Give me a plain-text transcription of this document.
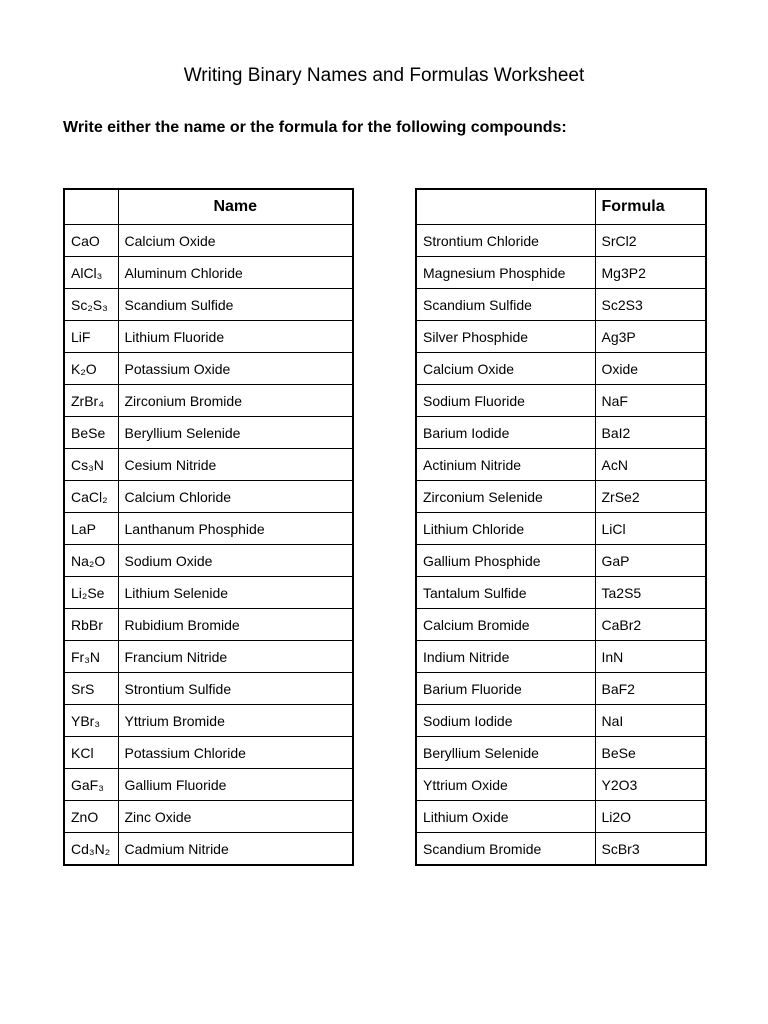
Writing Binary Names and Formulas Worksheet
Write either the name or the formula for the following compounds:
	Name
CaO	Calcium Oxide
AlCl₃	Aluminum Chloride
Sc₂S₃	Scandium Sulfide
LiF	Lithium Fluoride
K₂O	Potassium Oxide
ZrBr₄	Zirconium Bromide
BeSe	Beryllium Selenide
Cs₃N	Cesium Nitride
CaCl₂	Calcium Chloride
LaP	Lanthanum Phosphide
Na₂O	Sodium Oxide
Li₂Se	Lithium Selenide
RbBr	Rubidium Bromide
Fr₃N	Francium Nitride
SrS	Strontium Sulfide
YBr₃	Yttrium Bromide
KCl	Potassium Chloride
GaF₃	Gallium Fluoride
ZnO	Zinc Oxide
Cd₃N₂	Cadmium Nitride
	Formula
Strontium Chloride	SrCl2
Magnesium Phosphide	Mg3P2
Scandium Sulfide	Sc2S3
Silver Phosphide	Ag3P
Calcium Oxide	Oxide
Sodium Fluoride	NaF
Barium Iodide	BaI2
Actinium Nitride	AcN
Zirconium Selenide	ZrSe2
Lithium Chloride	LiCl
Gallium Phosphide	GaP
Tantalum Sulfide	Ta2S5
Calcium Bromide	CaBr2
Indium Nitride	InN
Barium Fluoride	BaF2
Sodium Iodide	NaI
Beryllium Selenide	BeSe
Yttrium Oxide	Y2O3
Lithium Oxide	Li2O
Scandium Bromide	ScBr3
